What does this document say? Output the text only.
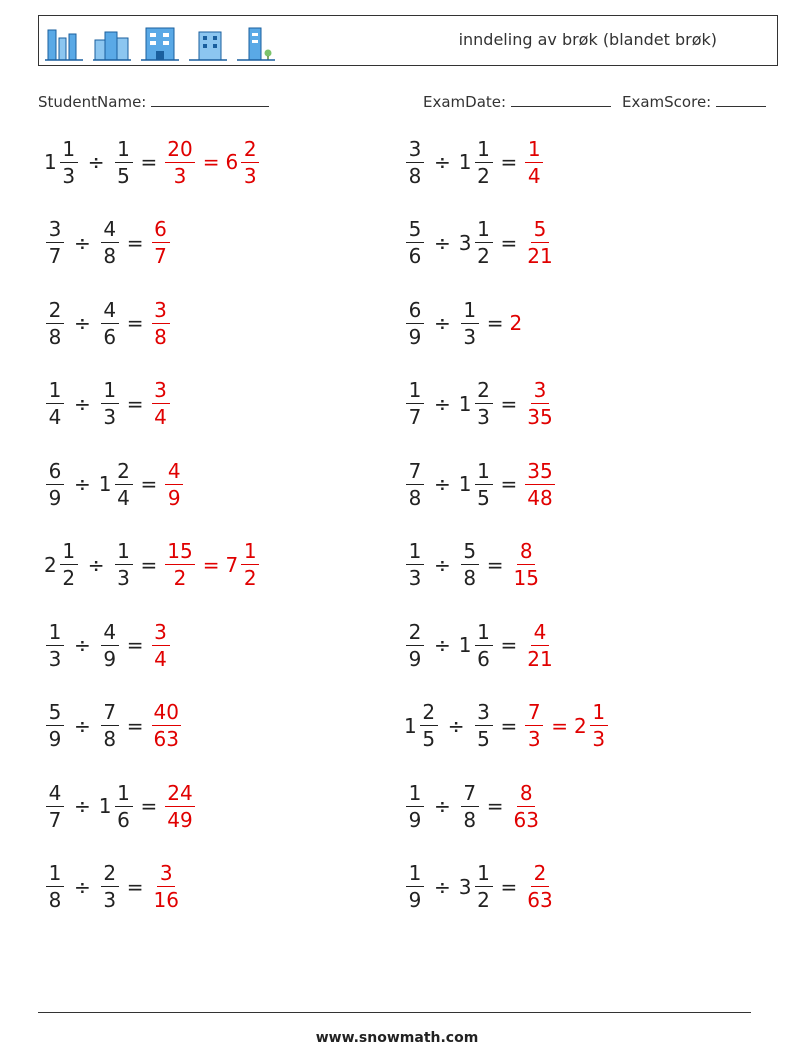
inndeling av brøk (blandet brøk)
StudentName:	ExamDate:	ExamScore:
$1 \frac{1}{3} \div \frac{1}{5} = \frac{20}{3} = 6 \frac{2}{3}$	$\frac{3}{8} \div 1 \frac{1}{2} = \frac{1}{4}$
$\frac{3}{7} \div \frac{4}{8} = \frac{6}{7}$	$\frac{5}{6} \div 3 \frac{1}{2} = \frac{5}{21}$
$\frac{2}{8} \div \frac{4}{6} = \frac{3}{8}$	$\frac{6}{9} \div \frac{1}{3} = 2$
$\frac{1}{4} \div \frac{1}{3} = \frac{3}{4}$	$\frac{1}{7} \div 1 \frac{2}{3} = \frac{3}{35}$
$\frac{6}{9} \div 1 \frac{2}{4} = \frac{4}{9}$	$\frac{7}{8} \div 1 \frac{1}{5} = \frac{35}{48}$
$2 \frac{1}{2} \div \frac{1}{3} = \frac{15}{2} = 7 \frac{1}{2}$	$\frac{1}{3} \div \frac{5}{8} = \frac{8}{15}$
$\frac{1}{3} \div \frac{4}{9} = \frac{3}{4}$	$\frac{2}{9} \div 1 \frac{1}{6} = \frac{4}{21}$
$\frac{5}{9} \div \frac{7}{8} = \frac{40}{63}$	$1 \frac{2}{5} \div \frac{3}{5} = \frac{7}{3} = 2 \frac{1}{3}$
$\frac{4}{7} \div 1 \frac{1}{6} = \frac{24}{49}$	$\frac{1}{9} \div \frac{7}{8} = \frac{8}{63}$
$\frac{1}{8} \div \frac{2}{3} = \frac{3}{16}$	$\frac{1}{9} \div 3 \frac{1}{2} = \frac{2}{63}$
www.snowmath.com
